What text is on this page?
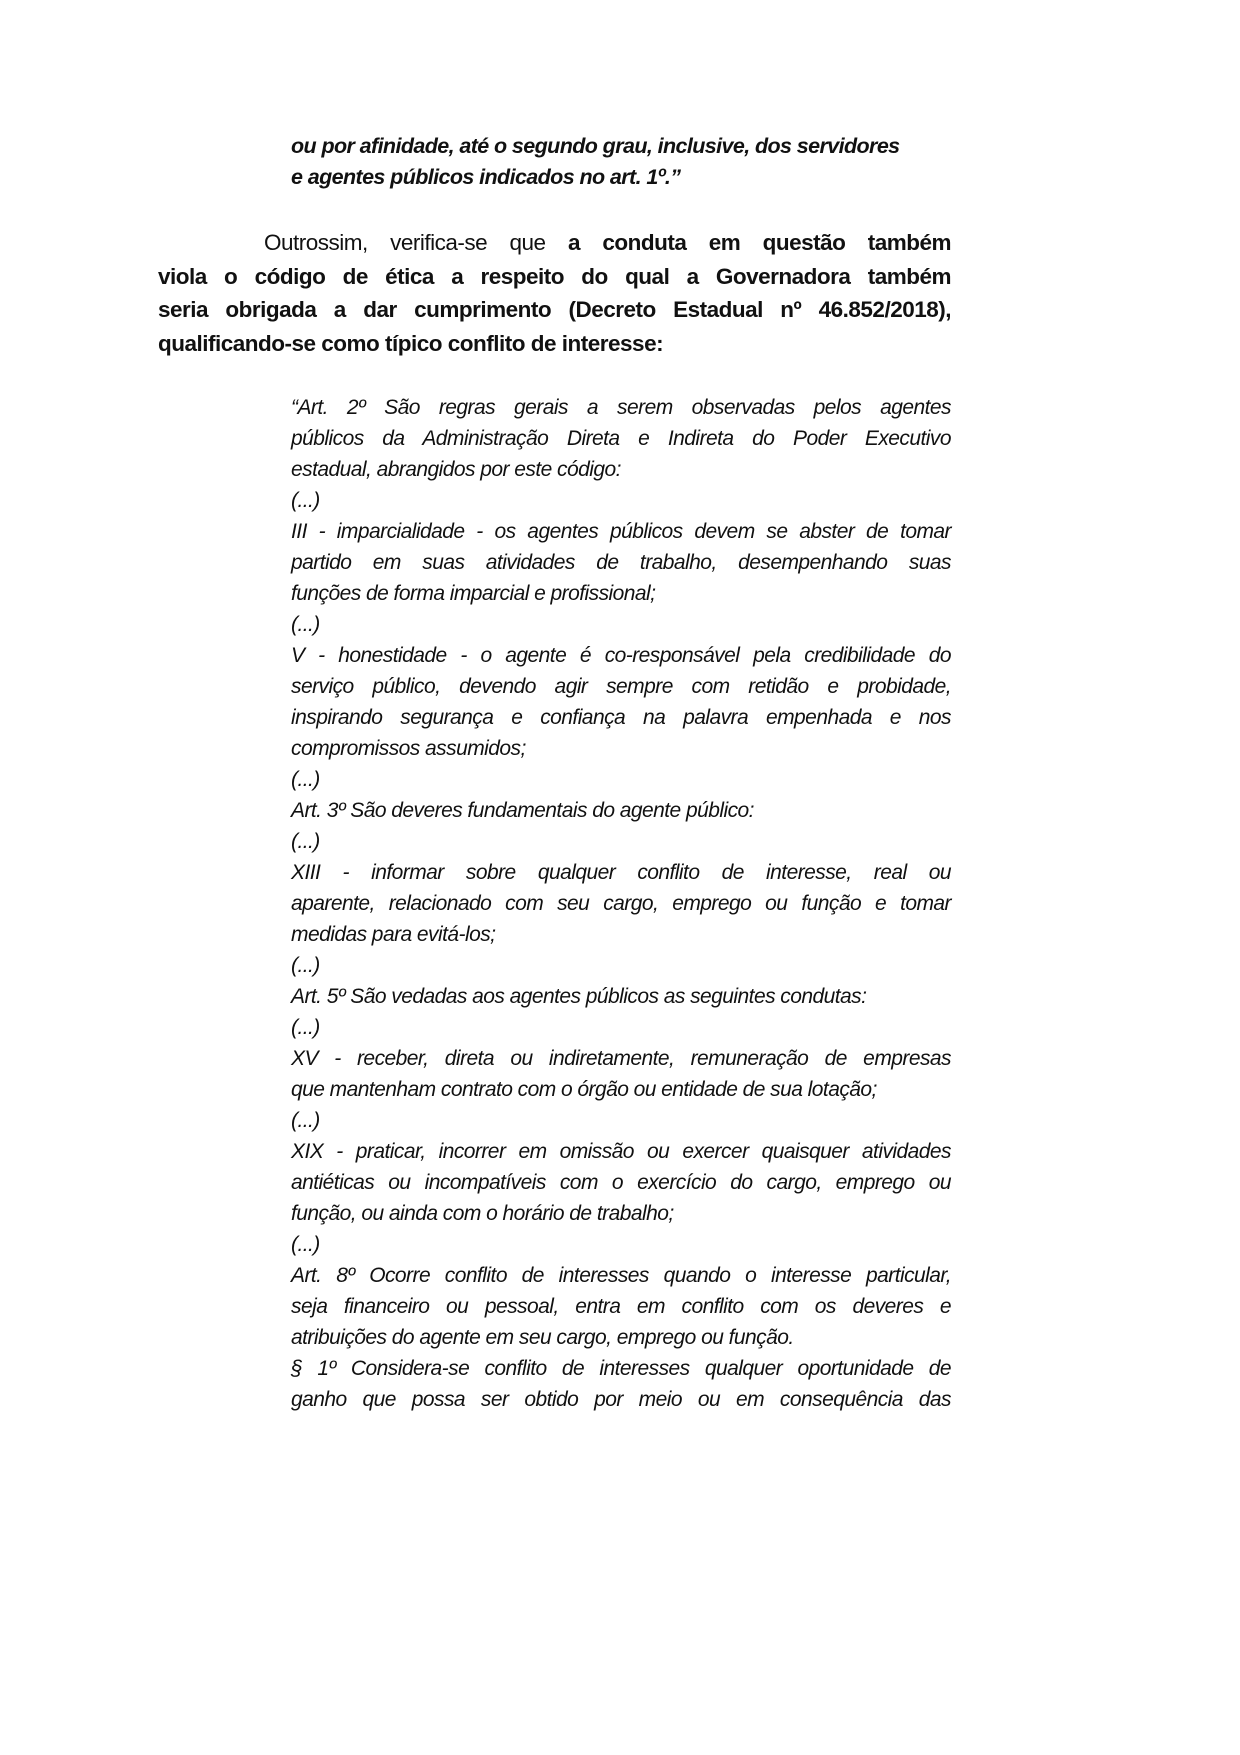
ou por afinidade, até o segundo grau, inclusive, dos servidores
e agentes públicos indicados no art. 1º.”
Outrossim, verifica-se que a conduta em questão também
viola o código de ética a respeito do qual a Governadora também
seria obrigada a dar cumprimento (Decreto Estadual nº 46.852/2018),
qualificando-se como típico conflito de interesse:
“Art. 2º São regras gerais a serem observadas pelos agentes
públicos da Administração Direta e Indireta do Poder Executivo
estadual, abrangidos por este código:
(...)
III - imparcialidade - os agentes públicos devem se abster de tomar
partido em suas atividades de trabalho, desempenhando suas
funções de forma imparcial e profissional;
(...)
V - honestidade - o agente é co-responsável pela credibilidade do
serviço público, devendo agir sempre com retidão e probidade,
inspirando segurança e confiança na palavra empenhada e nos
compromissos assumidos;
(...)
Art. 3º São deveres fundamentais do agente público:
(...)
XIII - informar sobre qualquer conflito de interesse, real ou
aparente, relacionado com seu cargo, emprego ou função e tomar
medidas para evitá-los;
(...)
Art. 5º São vedadas aos agentes públicos as seguintes condutas:
(...)
XV - receber, direta ou indiretamente, remuneração de empresas
que mantenham contrato com o órgão ou entidade de sua lotação;
(...)
XIX - praticar, incorrer em omissão ou exercer quaisquer atividades
antiéticas ou incompatíveis com o exercício do cargo, emprego ou
função, ou ainda com o horário de trabalho;
(...)
Art. 8º Ocorre conflito de interesses quando o interesse particular,
seja financeiro ou pessoal, entra em conflito com os deveres e
atribuições do agente em seu cargo, emprego ou função.
§ 1º Considera-se conflito de interesses qualquer oportunidade de
ganho que possa ser obtido por meio ou em consequência das
